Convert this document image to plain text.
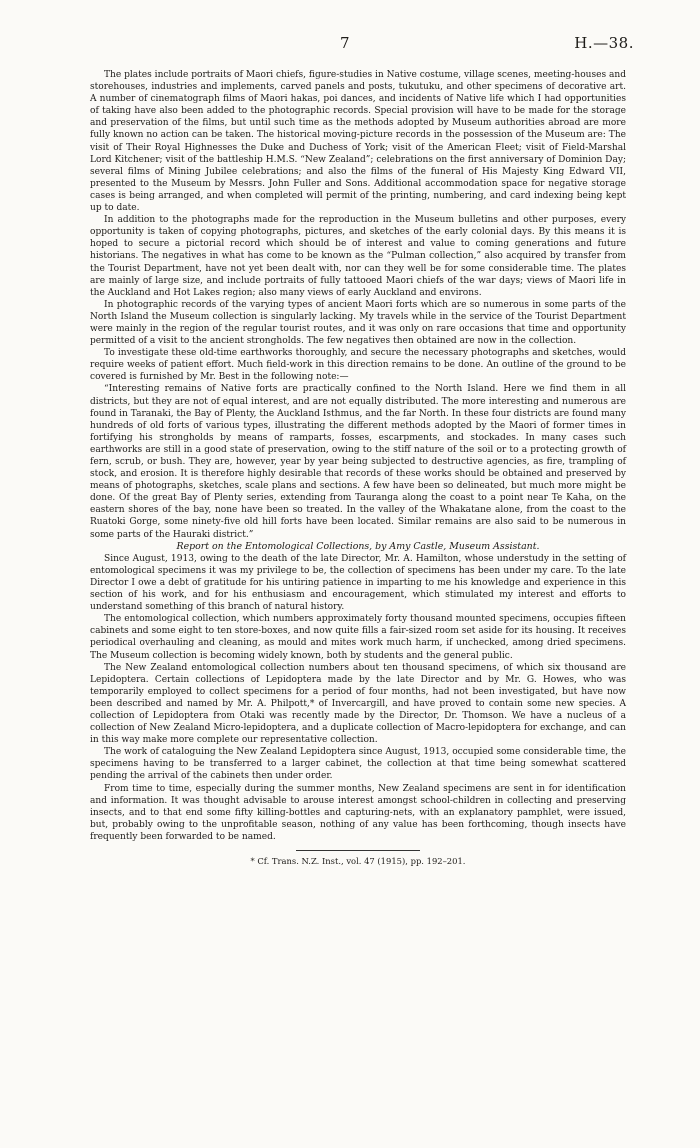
7	H.—38.

The plates include portraits of Maori chiefs, figure-studies in Native costume, village scenes, meeting-houses and storehouses, industries and implements, carved panels and posts, tukutuku, and other specimens of decorative art. A number of cinematograph films of Maori hakas, poi dances, and incidents of Native life which I had opportunities of taking have also been added to the photographic records. Special provision will have to be made for the storage and preservation of the films, but until such time as the methods adopted by Museum authorities abroad are more fully known no action can be taken. The historical moving-picture records in the possession of the Museum are: The visit of Their Royal Highnesses the Duke and Duchess of York; visit of the American Fleet; visit of Field-Marshal Lord Kitchener; visit of the battleship H.M.S. “New Zealand”; celebrations on the first anniversary of Dominion Day; several films of Mining Jubilee celebrations; and also the films of the funeral of His Majesty King Edward VII, presented to the Museum by Messrs. John Fuller and Sons. Additional accommodation space for negative storage cases is being arranged, and when completed will permit of the printing, numbering, and card indexing being kept up to date.

In addition to the photographs made for the reproduction in the Museum bulletins and other purposes, every opportunity is taken of copying photographs, pictures, and sketches of the early colonial days. By this means it is hoped to secure a pictorial record which should be of interest and value to coming generations and future historians. The negatives in what has come to be known as the “Pulman collection,” also acquired by transfer from the Tourist Department, have not yet been dealt with, nor can they well be for some considerable time. The plates are mainly of large size, and include portraits of fully tattooed Maori chiefs of the war days; views of Maori life in the Auckland and Hot Lakes region; also many views of early Auckland and environs.

In photographic records of the varying types of ancient Maori forts which are so numerous in some parts of the North Island the Museum collection is singularly lacking. My travels while in the service of the Tourist Department were mainly in the region of the regular tourist routes, and it was only on rare occasions that time and opportunity permitted of a visit to the ancient strongholds. The few negatives then obtained are now in the collection.

To investigate these old-time earthworks thoroughly, and secure the necessary photographs and sketches, would require weeks of patient effort. Much field-work in this direction remains to be done. An outline of the ground to be covered is furnished by Mr. Best in the following note:—

“Interesting remains of Native forts are practically confined to the North Island. Here we find them in all districts, but they are not of equal interest, and are not equally distributed. The more interesting and numerous are found in Taranaki, the Bay of Plenty, the Auckland Isthmus, and the far North. In these four districts are found many hundreds of old forts of various types, illustrating the different methods adopted by the Maori of former times in fortifying his strongholds by means of ramparts, fosses, escarpments, and stockades. In many cases such earthworks are still in a good state of preservation, owing to the stiff nature of the soil or to a protecting growth of fern, scrub, or bush. They are, however, year by year being subjected to destructive agencies, as fire, trampling of stock, and erosion. It is therefore highly desirable that records of these works should be obtained and preserved by means of photographs, sketches, scale plans and sections. A few have been so delineated, but much more might be done. Of the great Bay of Plenty series, extending from Tauranga along the coast to a point near Te Kaha, on the eastern shores of the bay, none have been so treated. In the valley of the Whakatane alone, from the coast to the Ruatoki Gorge, some ninety-five old hill forts have been located. Similar remains are also said to be numerous in some parts of the Hauraki district.”

Report on the Entomological Collections, by Amy Castle, Museum Assistant.

Since August, 1913, owing to the death of the late Director, Mr. A. Hamilton, whose understudy in the setting of entomological specimens it was my privilege to be, the collection of specimens has been under my care. To the late Director I owe a debt of gratitude for his untiring patience in imparting to me his knowledge and experience in this section of his work, and for his enthusiasm and encouragement, which stimulated my interest and efforts to understand something of this branch of natural history.

The entomological collection, which numbers approximately forty thousand mounted specimens, occupies fifteen cabinets and some eight to ten store-boxes, and now quite fills a fair-sized room set aside for its housing. It receives periodical overhauling and cleaning, as mould and mites work much harm, if unchecked, among dried specimens. The Museum collection is becoming widely known, both by students and the general public.

The New Zealand entomological collection numbers about ten thousand specimens, of which six thousand are Lepidoptera. Certain collections of Lepidoptera made by the late Director and by Mr. G. Howes, who was temporarily employed to collect specimens for a period of four months, had not been investigated, but have now been described and named by Mr. A. Philpott,* of Invercargill, and have proved to contain some new species. A collection of Lepidoptera from Otaki was recently made by the Director, Dr. Thomson. We have a nucleus of a collection of New Zealand Micro-lepidoptera, and a duplicate collection of Macro-lepidoptera for exchange, and can in this way make more complete our representative collection.

The work of cataloguing the New Zealand Lepidoptera since August, 1913, occupied some considerable time, the specimens having to be transferred to a larger cabinet, the collection at that time being somewhat scattered pending the arrival of the cabinets then under order.

From time to time, especially during the summer months, New Zealand specimens are sent in for identification and information. It was thought advisable to arouse interest amongst school-children in collecting and preserving insects, and to that end some fifty killing-bottles and capturing-nets, with an explanatory pamphlet, were issued, but, probably owing to the unprofitable season, nothing of any value has been forthcoming, though insects have frequently been forwarded to be named.

* Cf. Trans. N.Z. Inst., vol. 47 (1915), pp. 192–201.
